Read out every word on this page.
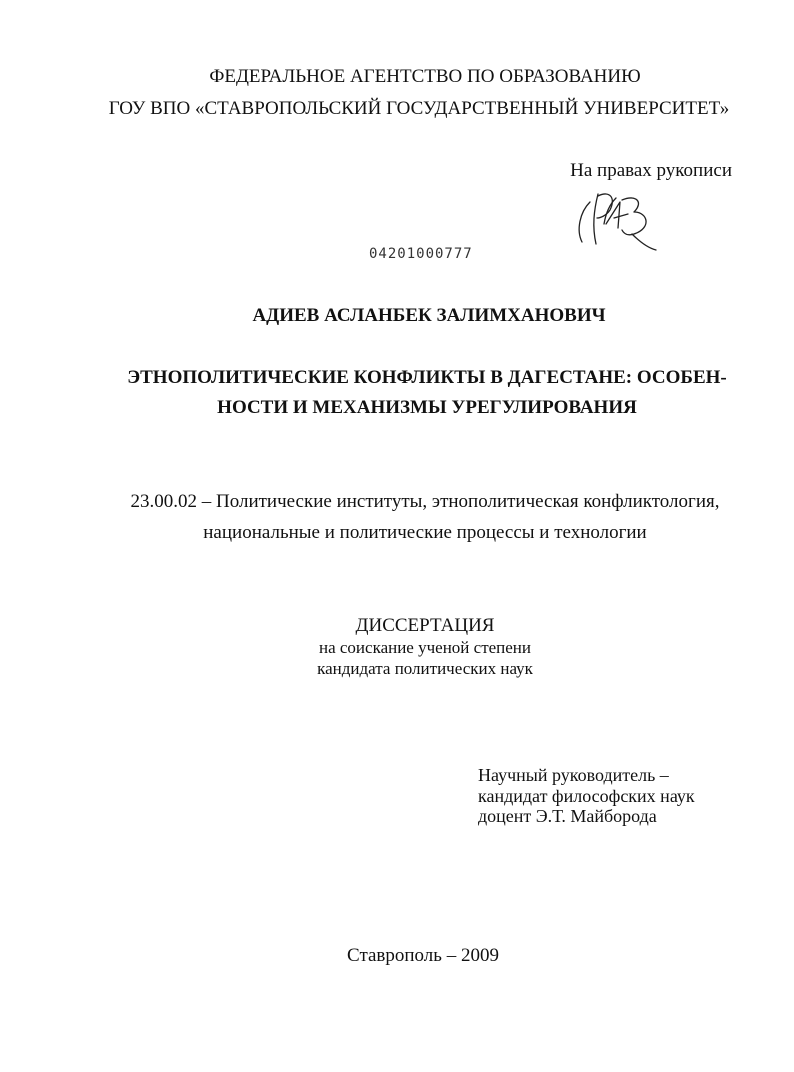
ФЕДЕРАЛЬНОЕ АГЕНТСТВО ПО ОБРАЗОВАНИЮ
ГОУ ВПО «СТАВРОПОЛЬСКИЙ ГОСУДАРСТВЕННЫЙ УНИВЕРСИТЕТ»
На правах рукописи
04201000777
АДИЕВ АСЛАНБЕК ЗАЛИМХАНОВИЧ
ЭТНОПОЛИТИЧЕСКИЕ КОНФЛИКТЫ В ДАГЕСТАНЕ: ОСОБЕН-
НОСТИ И МЕХАНИЗМЫ УРЕГУЛИРОВАНИЯ
23.00.02 – Политические институты, этнополитическая конфликтология,
национальные и политические процессы и технологии
ДИССЕРТАЦИЯ
на соискание ученой степени
кандидата политических наук
Научный руководитель –
кандидат философских наук
доцент Э.Т. Майборода
Ставрополь – 2009
